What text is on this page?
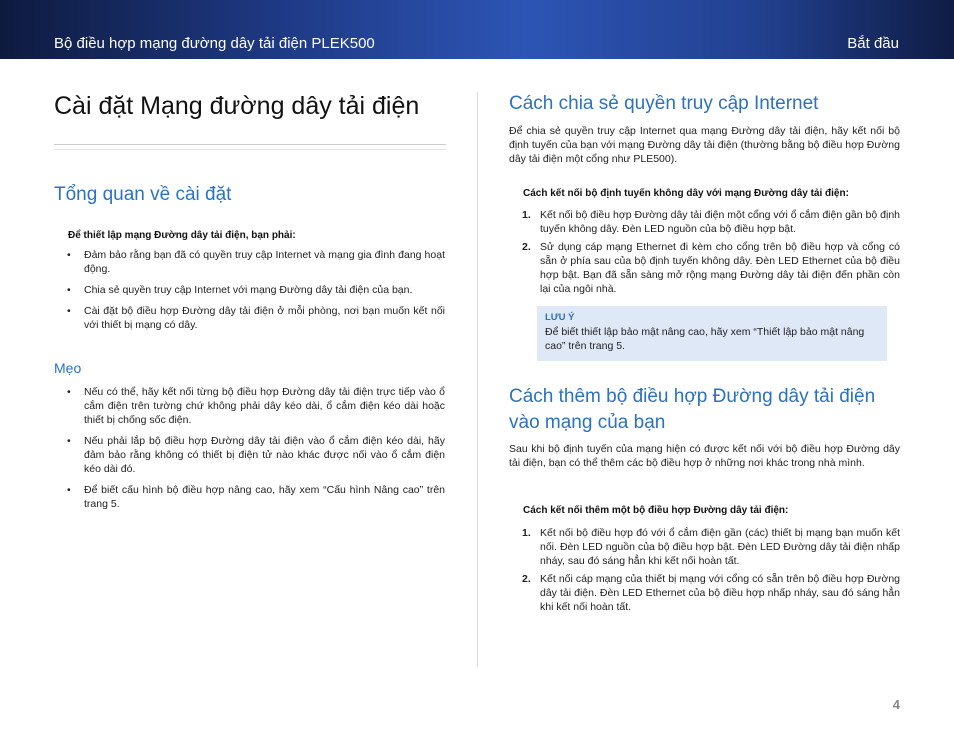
Bộ điều hợp mạng đường dây tải điện PLEK500	Bắt đầu
Cài đặt Mạng đường dây tải điện
Tổng quan về cài đặt

Để thiết lập mạng Đường dây tải điện, bạn phải:

• Đảm bảo rằng bạn đã có quyền truy cập Internet và mạng gia đình đang hoạt động.
• Chia sẻ quyền truy cập Internet với mạng Đường dây tải điện của bạn.
• Cài đặt bộ điều hợp Đường dây tải điện ở mỗi phòng, nơi bạn muốn kết nối với thiết bị mạng có dây.
Mẹo
• Nếu có thể, hãy kết nối từng bộ điều hợp Đường dây tải điện trực tiếp vào ổ cắm điện trên tường chứ không phải dây kéo dài, ổ cắm điện kéo dài hoặc thiết bị chống sốc điện.
• Nếu phải lắp bộ điều hợp Đường dây tải điện vào ổ cắm điện kéo dài, hãy đảm bảo rằng không có thiết bị điện tử nào khác được nối vào ổ cắm điện kéo dài đó.
• Để biết cấu hình bộ điều hợp nâng cao, hãy xem “Cấu hình Nâng cao” trên trang 5.
Cách chia sẻ quyền truy cập Internet

Để chia sẻ quyền truy cập Internet qua mạng Đường dây tải điện, hãy kết nối bộ định tuyến của bạn với mạng Đường dây tải điện (thường bằng bộ điều hợp Đường dây tải điện một cổng như PLE500).

Cách kết nối bộ định tuyến không dây với mạng Đường dây tải điện:

1. Kết nối bộ điều hợp Đường dây tải điện một cổng với ổ cắm điện gần bộ định tuyến không dây. Đèn LED nguồn của bộ điều hợp bật.
2. Sử dụng cáp mạng Ethernet đi kèm cho cổng trên bộ điều hợp và cổng có sẵn ở phía sau của bộ định tuyến không dây. Đèn LED Ethernet của bộ điều hợp bật. Bạn đã sẵn sàng mở rộng mạng Đường dây tải điện đến phần còn lại của ngôi nhà.

LƯU Ý

Để biết thiết lập bảo mật nâng cao, hãy xem “Thiết lập bảo mật nâng cao” trên trang 5.

Cách thêm bộ điều hợp Đường dây tải điện vào mạng của bạn

Sau khi bộ định tuyến của mạng hiện có được kết nối với bộ điều hợp Đường dây tải điện, bạn có thể thêm các bộ điều hợp ở những nơi khác trong nhà mình.

Cách kết nối thêm một bộ điều hợp Đường dây tải điện:

1. Kết nối bộ điều hợp đó với ổ cắm điện gần (các) thiết bị mạng bạn muốn kết nối. Đèn LED nguồn của bộ điều hợp bật. Đèn LED Đường dây tải điện nhấp nháy, sau đó sáng hẳn khi kết nối hoàn tất.
2. Kết nối cáp mạng của thiết bị mạng với cổng có sẵn trên bộ điều hợp Đường dây tải điện. Đèn LED Ethernet của bộ điều hợp nhấp nháy, sau đó sáng hẳn khi kết nối hoàn tất.
4
